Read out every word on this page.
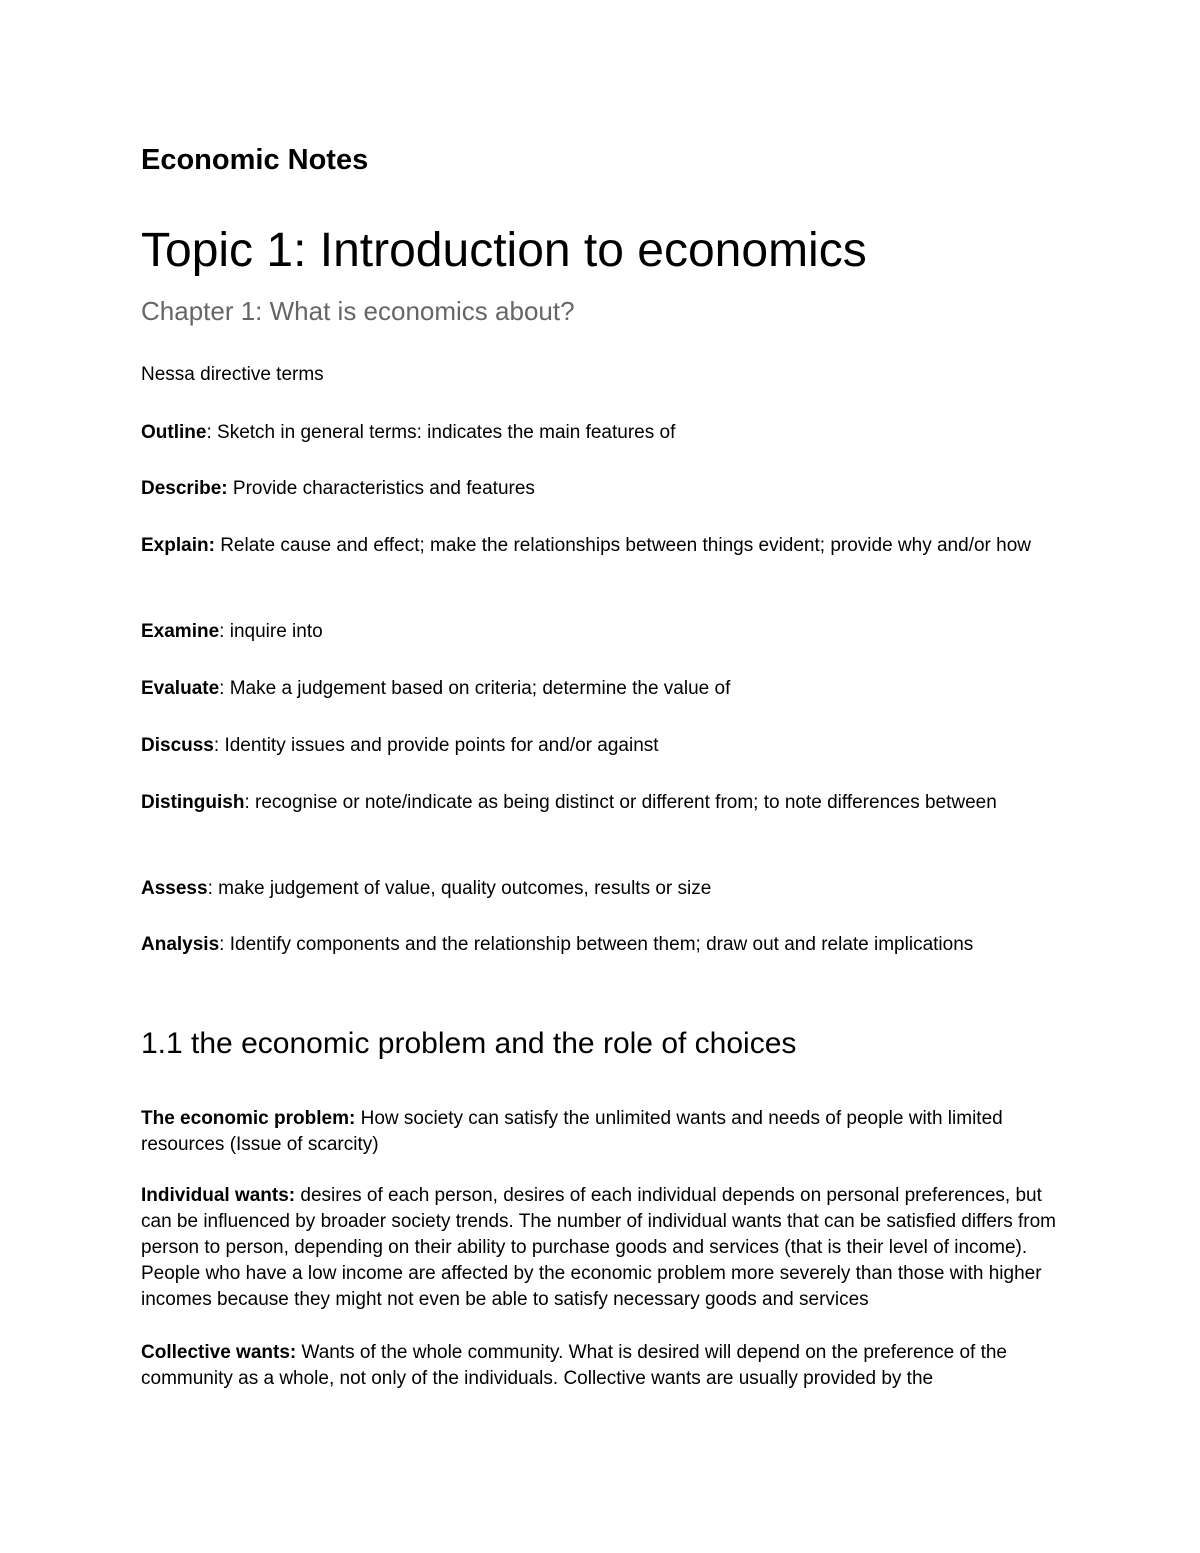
Economic Notes
Topic 1: Introduction to economics
Chapter 1: What is economics about?

Nessa directive terms

Outline: Sketch in general terms: indicates the main features of

Describe: Provide characteristics and features

Explain: Relate cause and effect; make the relationships between things evident; provide why and/or how

Examine: inquire into

Evaluate: Make a judgement based on criteria; determine the value of

Discuss: Identity issues and provide points for and/or against

Distinguish: recognise or note/indicate as being distinct or different from; to note differences between

Assess: make judgement of value, quality outcomes, results or size

Analysis: Identify components and the relationship between them; draw out and relate implications

1.1 the economic problem and the role of choices

The economic problem: How society can satisfy the unlimited wants and needs of people with limited resources (Issue of scarcity)

Individual wants: desires of each person, desires of each individual depends on personal preferences, but can be influenced by broader society trends. The number of individual wants that can be satisfied differs from person to person, depending on their ability to purchase goods and services (that is their level of income). People who have a low income are affected by the economic problem more severely than those with higher incomes because they might not even be able to satisfy necessary goods and services

Collective wants: Wants of the whole community. What is desired will depend on the preference of the community as a whole, not only of the individuals. Collective wants are usually provided by the
